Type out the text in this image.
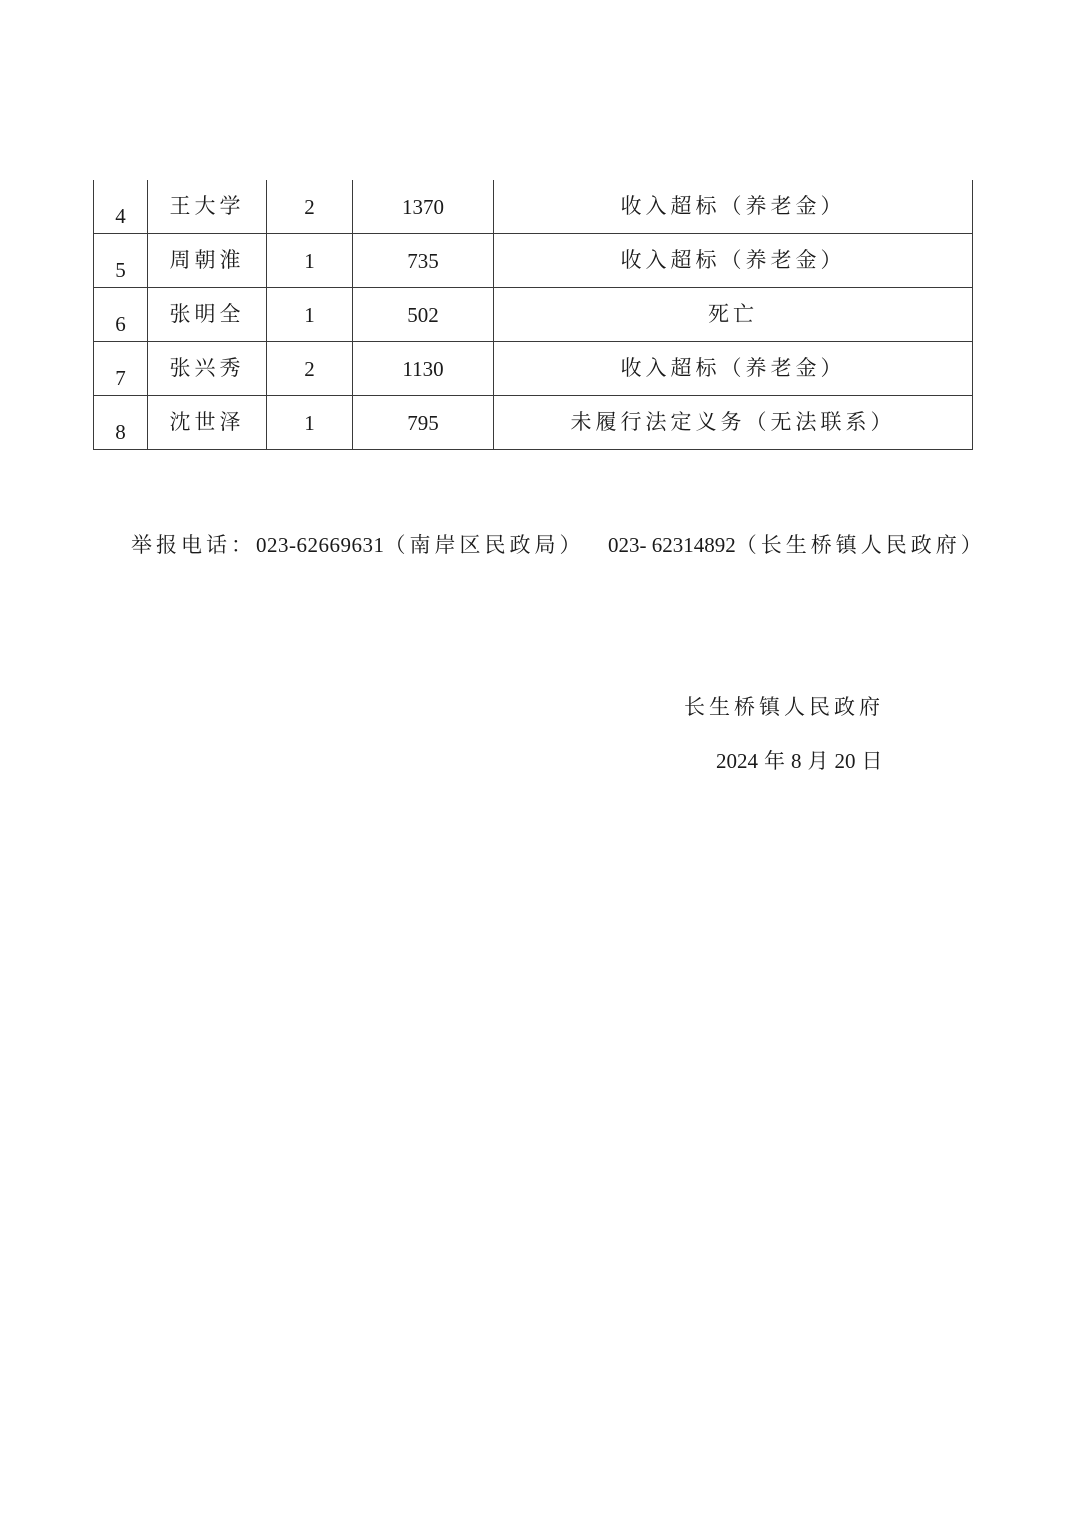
4	王大学	2	1370	收入超标（养老金）
5	周朝淮	1	735	收入超标（养老金）
6	张明全	1	502	死亡
7	张兴秀	2	1130	收入超标（养老金）
8	沈世泽	1	795	未履行法定义务（无法联系）
举报电话：023-62669631（南岸区民政局） 023- 62314892（长生桥镇人民政府）
长生桥镇人民政府
2024 年 8 月 20 日
